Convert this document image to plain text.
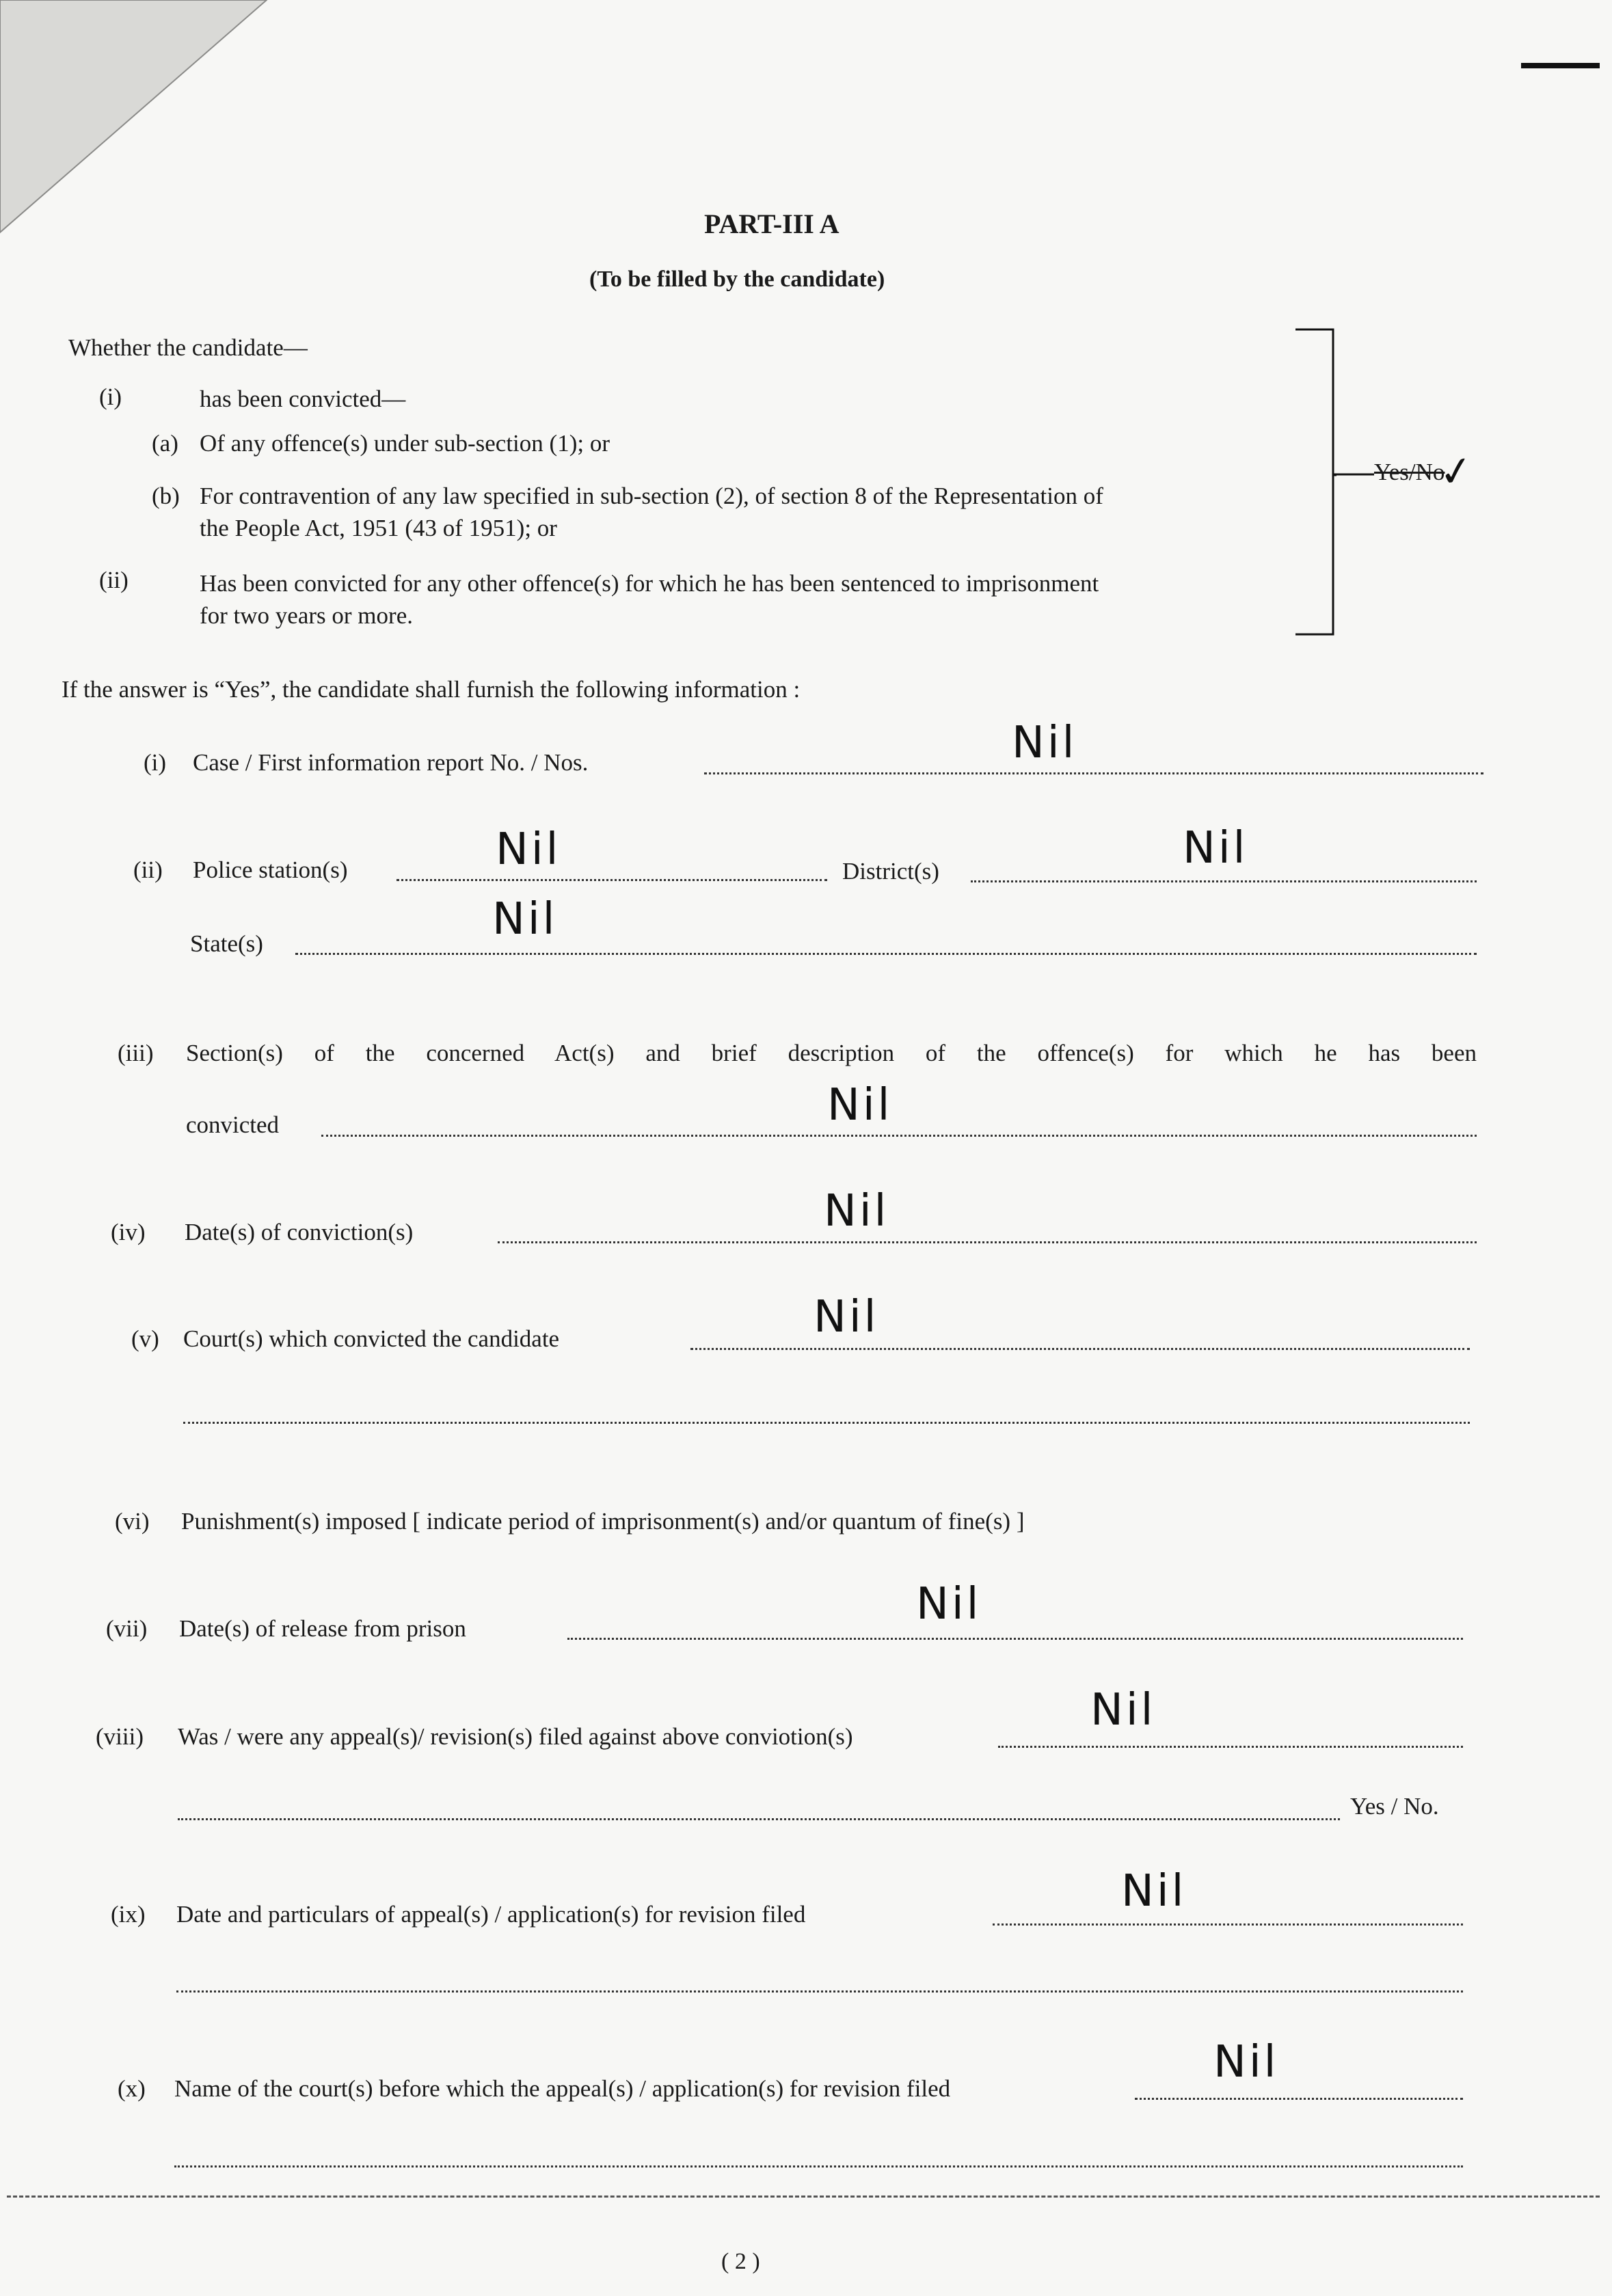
PART-III A
(To be filled by the candidate)
Whether the candidate—
(i)	has been convicted—
(a) Of any offence(s) under sub-section (1); or
(b) For contravention of any law specified in sub-section (2), of section 8 of the Representation of
the People Act, 1951 (43 of 1951); or
(ii)	Has been convicted for any other offence(s) for which he has been sentenced to imprisonment
for two years or more.
Yes/No
✓
If the answer is “Yes”, the candidate shall furnish the following information :
(i) Case / First information report No. / Nos.	Nil
(ii) Police station(s)	Nil	District(s)	Nil
State(s)	Nil
(iii) Section(s) of the concerned Act(s) and brief description of the offence(s) for which he has been
convicted	Nil
(iv) Date(s) of conviction(s)	Nil
(v) Court(s) which convicted the candidate	Nil
(vi) Punishment(s) imposed [ indicate period of imprisonment(s) and/or quantum of fine(s) ]
(vii) Date(s) of release from prison	Nil
(viii) Was / were any appeal(s)/ revision(s) filed against above conviotion(s)
Nil
Yes / No.
(ix) Date and particulars of appeal(s) / application(s) for revision filed	Nil
(x) Name of the court(s) before which the appeal(s) / application(s) for revision filed
Nil
( 2 )
